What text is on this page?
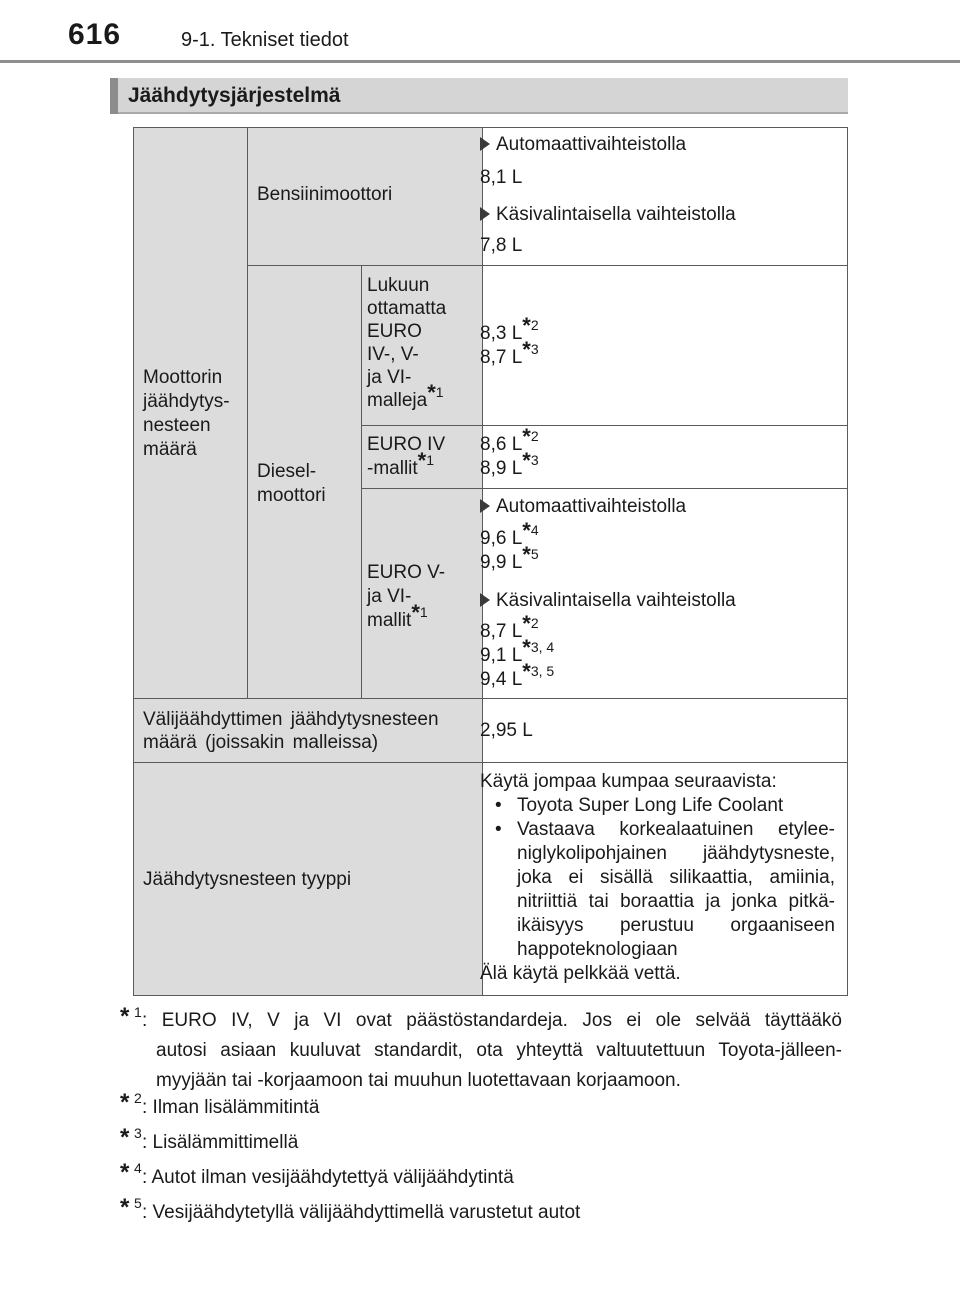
616	9-1. Tekniset tiedot
Jäähdytysjärjestelmä
Moottorin
jäähdytys-
nesteen
määrä
Bensiinimoottori
Automaattivaihteistolla
8,1 L
Käsivalintaisella vaihteistolla
7,8 L
Diesel-
moottori
Lukuun
ottamatta
EURO
IV-, V-
ja VI-
malleja*$^1$
8,3 L*$^2$
8,7 L*$^3$
EURO IV
-mallit*$^1$
8,6 L*$^2$
8,9 L*$^3$
EURO V-
ja VI-
mallit*$^1$
Automaattivaihteistolla
9,6 L*$^4$
9,9 L*$^5$
Käsivalintaisella vaihteistolla
8,7 L*$^2$
9,1 L*$^{3, 4}$
9,4 L*$^{3, 5}$
Välijäähdyttimen jäähdytysnesteen
määrä (joissakin malleissa)
2,95 L
Jäähdytysnesteen tyyppi
Käytä jompaa kumpaa seuraavista:
• Toyota Super Long Life Coolant
• Vastaava korkealaatuinen etylee-
niglykolipohjainen jäähdytysneste,
joka ei sisällä silikaattia, amiinia,
nitriittiä tai boraattia ja jonka pitkä-
ikäisyys perustuu orgaaniseen
happoteknologiaan
Älä käytä pelkkää vettä.
* 1 : EURO IV, V ja VI ovat päästöstandardeja. Jos ei ole selvää täyttääkö
autosi asiaan kuuluvat standardit, ota yhteyttä valtuutettuun Toyota-jälleen-
myyjään tai -korjaamoon tai muuhun luotettavaan korjaamoon.
* 2 : Ilman lisälämmitintä
* 3 : Lisälämmittimellä
* 4 : Autot ilman vesijäähdytettyä välijäähdytintä
* 5 : Vesijäähdytetyllä välijäähdyttimellä varustetut autot
